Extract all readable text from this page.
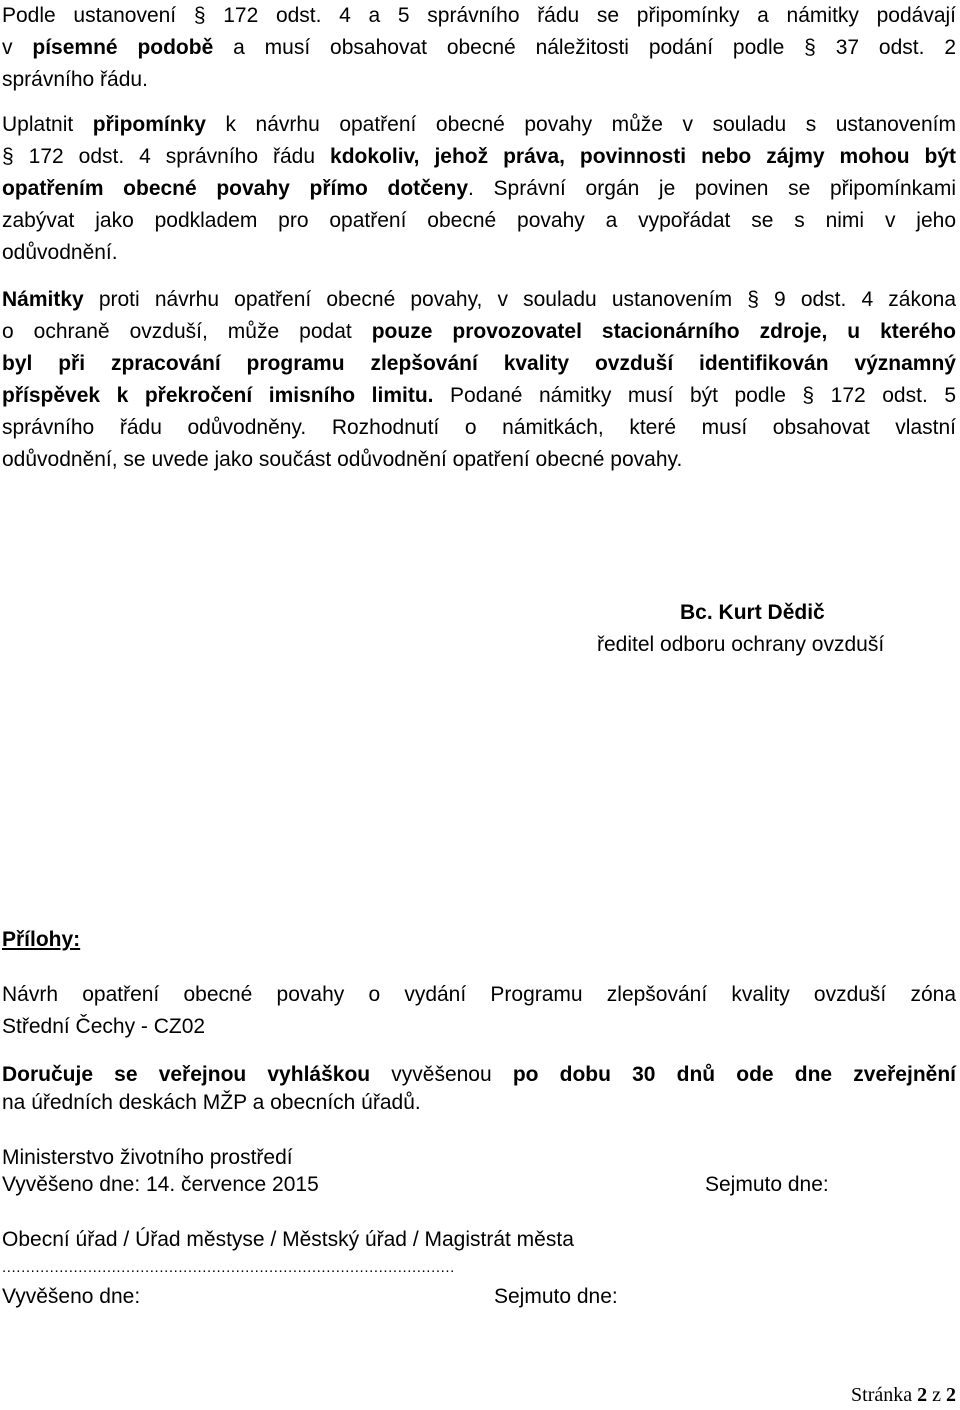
Podle ustanovení § 172 odst. 4 a 5 správního řádu se připomínky a námitky podávají
v písemné podobě a musí obsahovat obecné náležitosti podání podle § 37 odst. 2
správního řádu.
Uplatnit připomínky k návrhu opatření obecné povahy může v souladu s ustanovením
§ 172 odst. 4 správního řádu kdokoliv, jehož práva, povinnosti nebo zájmy mohou být
opatřením obecné povahy přímo dotčeny. Správní orgán je povinen se připomínkami
zabývat jako podkladem pro opatření obecné povahy a vypořádat se s nimi v jeho
odůvodnění.
Námitky proti návrhu opatření obecné povahy, v souladu ustanovením § 9 odst. 4 zákona
o ochraně ovzduší, může podat pouze provozovatel stacionárního zdroje, u kterého
byl při zpracování programu zlepšování kvality ovzduší identifikován významný
příspěvek k překročení imisního limitu. Podané námitky musí být podle § 172 odst. 5
správního řádu odůvodněny. Rozhodnutí o námitkách, které musí obsahovat vlastní
odůvodnění, se uvede jako součást odůvodnění opatření obecné povahy.
Bc. Kurt Dědič
ředitel odboru ochrany ovzduší
Přílohy:
Návrh opatření obecné povahy o vydání Programu zlepšování kvality ovzduší zóna
Střední Čechy - CZ02
Doručuje se veřejnou vyhláškou vyvěšenou po dobu 30 dnů ode dne zveřejnění
na úředních deskách MŽP a obecních úřadů.
Ministerstvo životního prostředí
Vyvěšeno dne: 14. července 2015	Sejmuto dne:
Obecní úřad / Úřad městyse / Městský úřad / Magistrát města
...............................................................................................
Vyvěšeno dne:	Sejmuto dne:
Stránka 2 z 2
